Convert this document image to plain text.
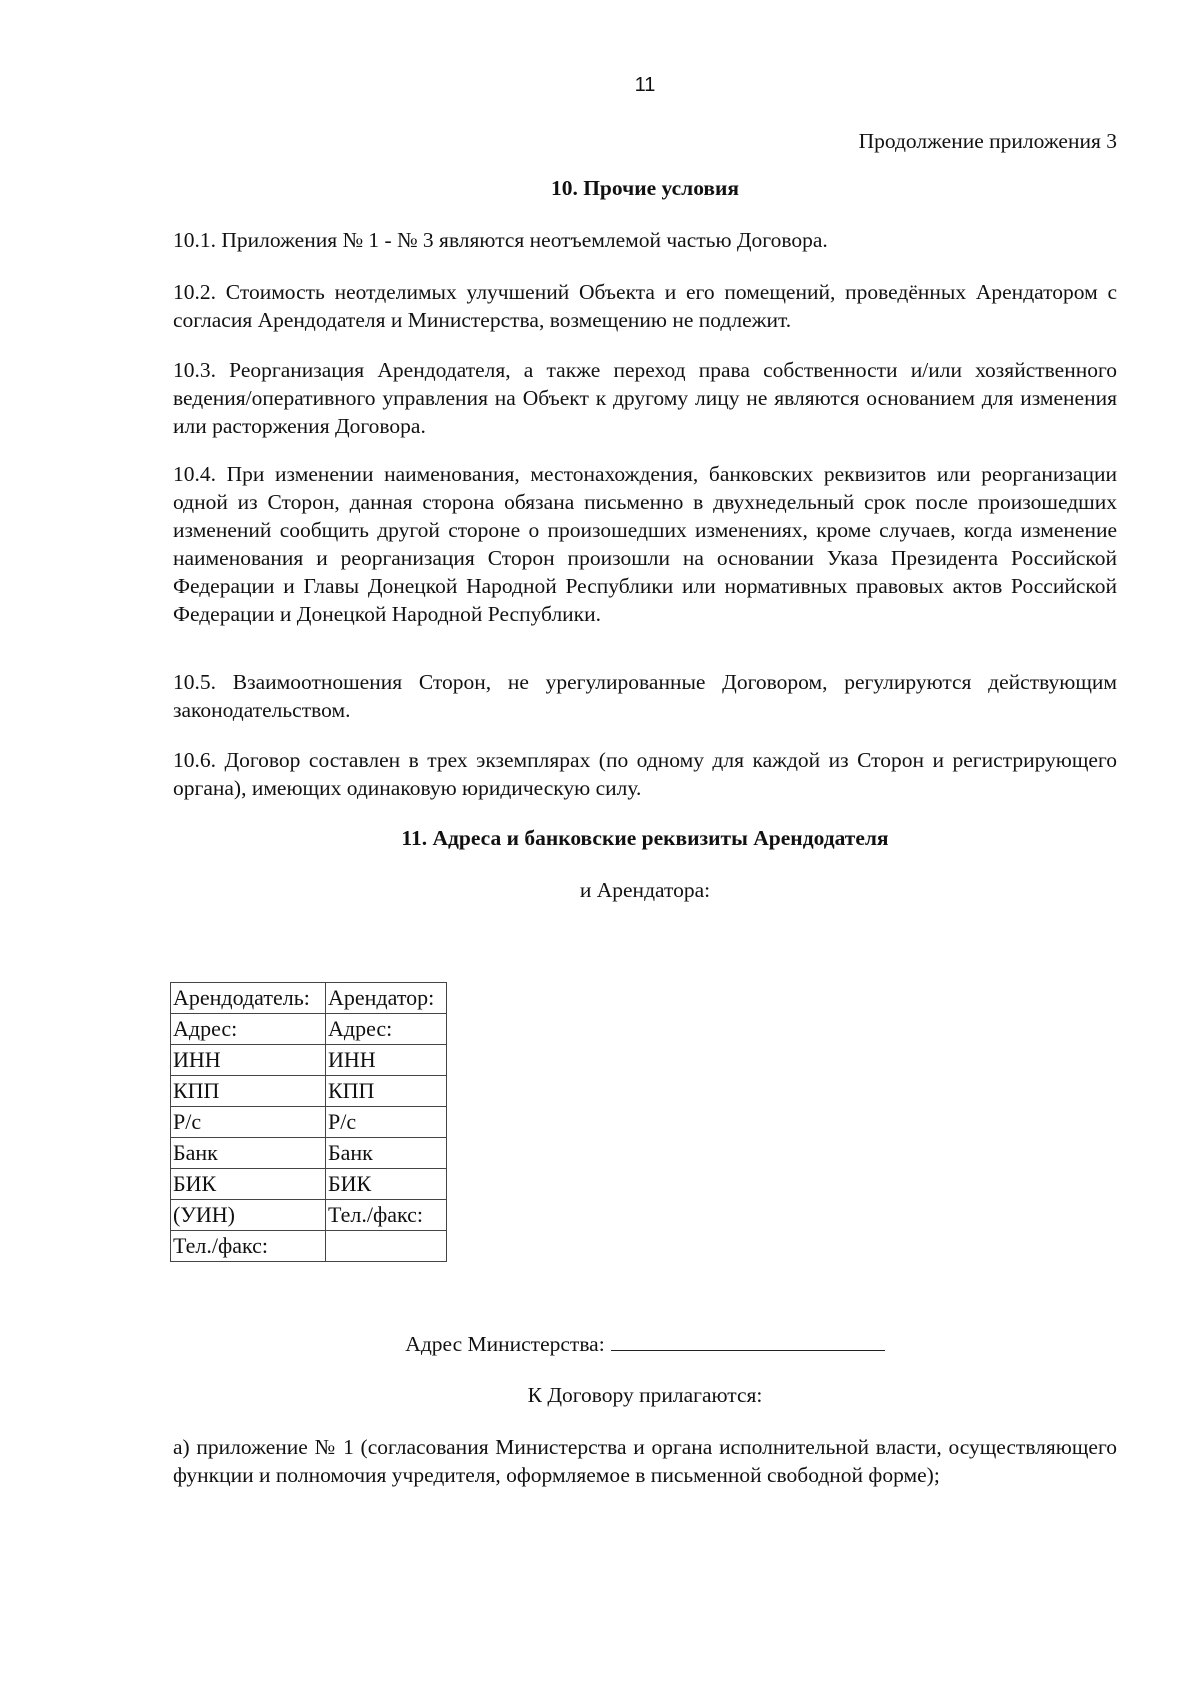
11
Продолжение приложения 3
10. Прочие условия
10.1. Приложения № 1 - № 3 являются неотъемлемой частью Договора.
10.2. Стоимость неотделимых улучшений Объекта и его помещений, проведённых Арендатором с согласия Арендодателя и Министерства, возмещению не подлежит.
10.3. Реорганизация Арендодателя, а также переход права собственности и/или хозяйственного ведения/оперативного управления на Объект к другому лицу не являются основанием для изменения или расторжения Договора.
10.4. При изменении наименования, местонахождения, банковских реквизитов или реорганизации одной из Сторон, данная сторона обязана письменно в двухнедельный срок после произошедших изменений сообщить другой стороне о произошедших изменениях, кроме случаев, когда изменение наименования и реорганизация Сторон произошли на основании Указа Президента Российской Федерации и Главы Донецкой Народной Республики или нормативных правовых актов Российской Федерации и Донецкой Народной Республики.
10.5. Взаимоотношения Сторон, не урегулированные Договором, регулируются действующим законодательством.
10.6. Договор составлен в трех экземплярах (по одному для каждой из Сторон и регистрирующего органа), имеющих одинаковую юридическую силу.
11. Адреса и банковские реквизиты Арендодателя
и Арендатора:
Арендодатель:	Арендатор:
Адрес:	Адрес:
ИНН	ИНН
КПП	КПП
Р/с	Р/с
Банк	Банк
БИК	БИК
(УИН)	Тел./факс:
Тел./факс:	
Адрес Министерства:
К Договору прилагаются:
а) приложение № 1 (согласования Министерства и органа исполнительной власти, осуществляющего функции и полномочия учредителя, оформляемое в письменной свободной форме);
